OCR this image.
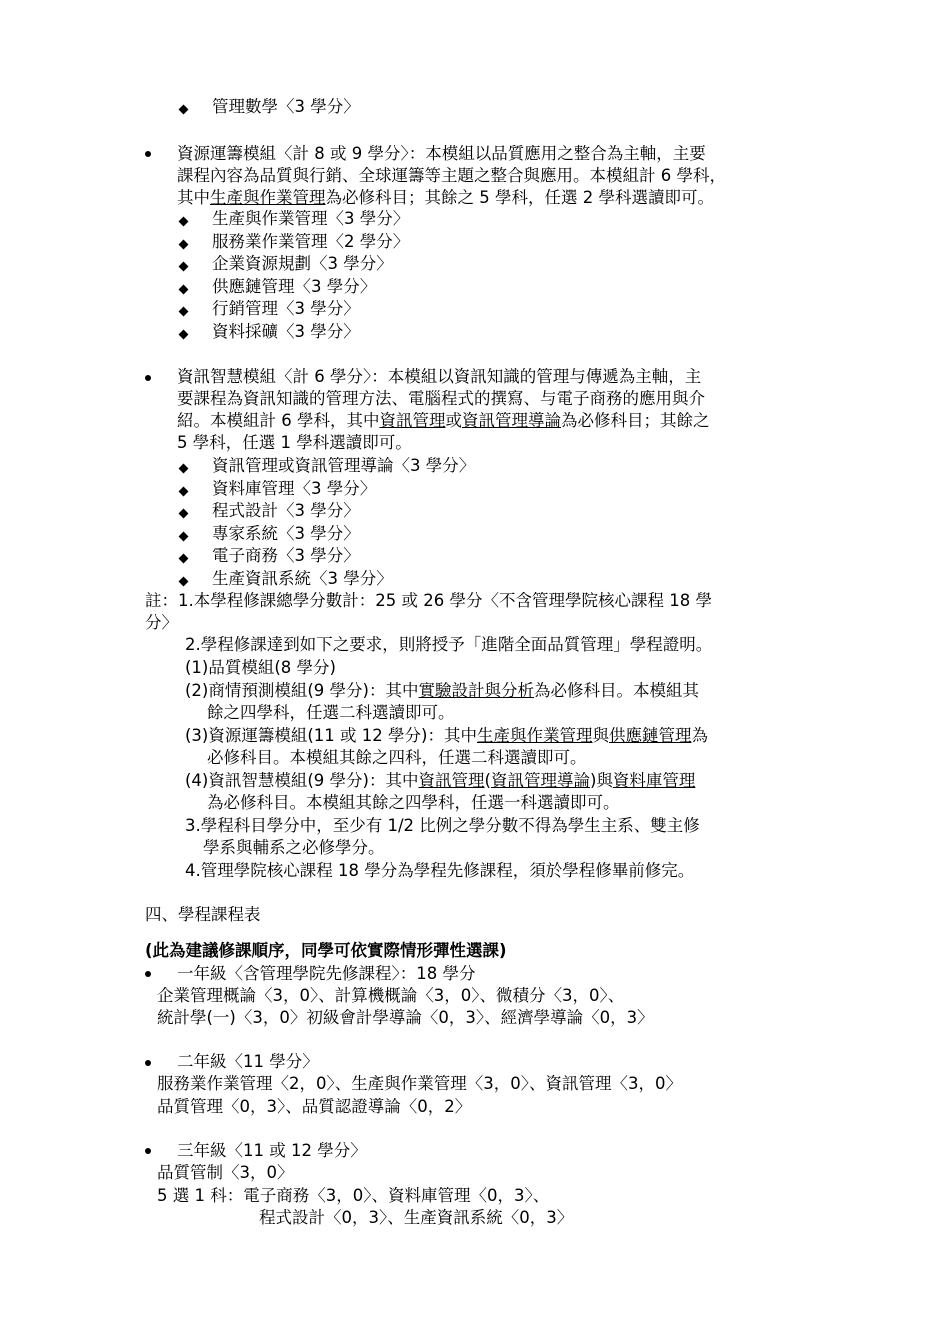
管理數學〈3 學分〉
資源運籌模組〈計 8 或 9 學分〉：本模組以品質應用之整合為主軸，主要
課程內容為品質與行銷、全球運籌等主題之整合與應用。本模組計 6 學科，
其中生產與作業管理為必修科目；其餘之 5 學科，任選 2 學科選讀即可。
生產與作業管理〈3 學分〉
服務業作業管理〈2 學分〉
企業資源規劃〈3 學分〉
供應鏈管理〈3 學分〉
行銷管理〈3 學分〉
資料採礦〈3 學分〉
資訊智慧模組〈計 6 學分〉：本模組以資訊知識的管理与傳遞為主軸，主
要課程為資訊知識的管理方法、電腦程式的撰寫、与電子商務的應用與介
紹。本模組計 6 學科，其中資訊管理或資訊管理導論為必修科目；其餘之
5 學科，任選 1 學科選讀即可。
資訊管理或資訊管理導論〈3 學分〉
資料庫管理〈3 學分〉
程式設計〈3 學分〉
專家系統〈3 學分〉
電子商務〈3 學分〉
生產資訊系統〈3 學分〉
註：1.本學程修課總學分數計：25 或 26 學分〈不含管理學院核心課程 18 學
分〉
2.學程修課達到如下之要求，則將授予「進階全面品質管理」學程證明。
(1)品質模組(8 學分)
(2)商情預測模組(9 學分)：其中實驗設計與分析為必修科目。本模組其
餘之四學科，任選二科選讀即可。
(3)資源運籌模組(11 或 12 學分)：其中生產與作業管理與供應鏈管理為
必修科目。本模組其餘之四科，任選二科選讀即可。
(4)資訊智慧模組(9 學分)：其中資訊管理(資訊管理導論)與資料庫管理
為必修科目。本模組其餘之四學科，任選一科選讀即可。
3.學程科目學分中，至少有 1/2 比例之學分數不得為學生主系、雙主修
學系與輔系之必修學分。
4.管理學院核心課程 18 學分為學程先修課程，須於學程修畢前修完。
四、學程課程表
(此為建議修課順序，同學可依實際情形彈性選課)
一年級〈含管理學院先修課程〉：18 學分
企業管理概論〈3，0〉、計算機概論〈3，0〉、微積分〈3，0〉、
統計學(一)〈3，0〉初級會計學導論〈0，3〉、經濟學導論〈0，3〉
二年級〈11 學分〉
服務業作業管理〈2，0〉、生產與作業管理〈3，0〉、資訊管理〈3，0〉
品質管理〈0，3〉、品質認證導論〈0，2〉
三年級〈11 或 12 學分〉
品質管制〈3，0〉
5 選 1 科：電子商務〈3，0〉、資料庫管理〈0，3〉、
程式設計〈0，3〉、生產資訊系統〈0，3〉
